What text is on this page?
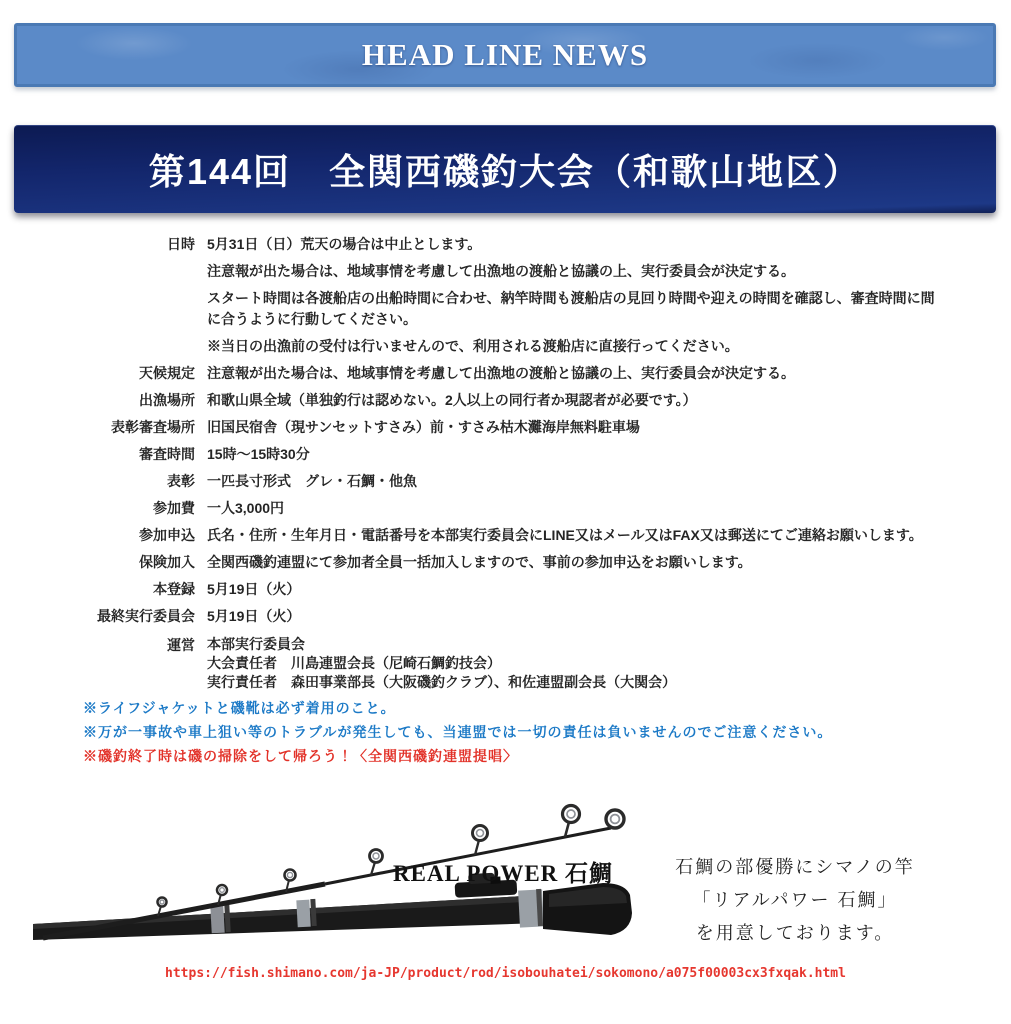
HEAD LINE NEWS
第144回　全関西磯釣大会（和歌山地区）
日時 5月31日（日）荒天の場合は中止とします。

注意報が出た場合は、地域事情を考慮して出漁地の渡船と協議の上、実行委員会が決定する。

スタート時間は各渡船店の出船時間に合わせ、納竿時間も渡船店の見回り時間や迎えの時間を確認し、審査時間に間に合うように行動してください。

※当日の出漁前の受付は行いませんので、利用される渡船店に直接行ってください。

天候規定 注意報が出た場合は、地域事情を考慮して出漁地の渡船と協議の上、実行委員会が決定する。

出漁場所 和歌山県全域（単独釣行は認めない。2人以上の同行者か現認者が必要です。）

表彰審査場所 旧国民宿舎（現サンセットすさみ）前・すさみ枯木灘海岸無料駐車場

審査時間 15時～15時30分

表彰 一匹長寸形式　グレ・石鯛・他魚

参加費 一人3,000円

参加申込 氏名・住所・生年月日・電話番号を本部実行委員会にLINE又はメール又はFAX又は郵送にてご連絡お願いします。

保険加入 全関西磯釣連盟にて参加者全員一括加入しますので、事前の参加申込をお願いします。

本登録 5月19日（火）

最終実行委員会 5月19日（火）

運営 本部実行委員会

大会責任者　川島連盟会長（尼崎石鯛釣技会）

実行責任者　森田事業部長（大阪磯釣クラブ）、和佐連盟副会長（大関会）

※ライフジャケットと磯靴は必ず着用のこと。

※万が一事故や車上狙い等のトラブルが発生しても、当連盟では一切の責任は負いませんのでご注意ください。

※磯釣終了時は磯の掃除をして帰ろう！〈全関西磯釣連盟提唱〉

REAL POWER 石鯛	石鯛の部優勝にシマノの竿

「リアルパワー 石鯛」

を用意しております。

https://fish.shimano.com/ja-JP/product/rod/isobouhatei/sokomono/a075f00003cx3fxqak.html
